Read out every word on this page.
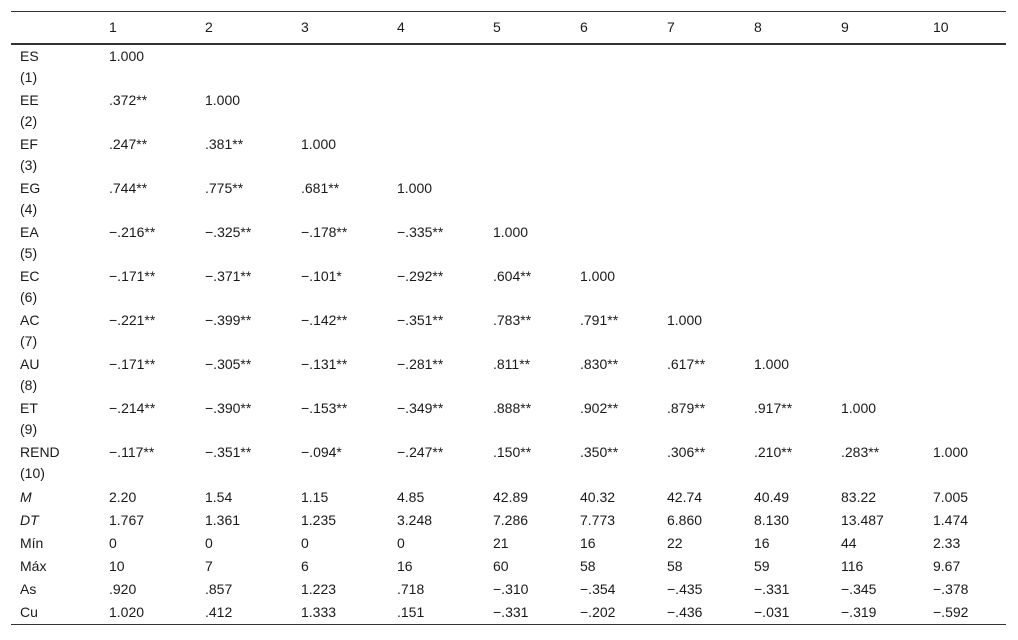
	1	2	3	4	5	6	7	8	9	10
ES
(1)	1.000									
EE
(2)	.372**	1.000								
EF
(3)	.247**	.381**	1.000							
EG
(4)	.744**	.775**	.681**	1.000						
EA
(5)	−.216**	−.325**	−.178**	−.335**	1.000					
EC
(6)	−.171**	−.371**	−.101*	−.292**	.604**	1.000				
AC
(7)	−.221**	−.399**	−.142**	−.351**	.783**	.791**	1.000			
AU
(8)	−.171**	−.305**	−.131**	−.281**	.811**	.830**	.617**	1.000		
ET
(9)	−.214**	−.390**	−.153**	−.349**	.888**	.902**	.879**	.917**	1.000	
REND
(10)	−.117**	−.351**	−.094*	−.247**	.150**	.350**	.306**	.210**	.283**	1.000
M	2.20	1.54	1.15	4.85	42.89	40.32	42.74	40.49	83.22	7.005
DT	1.767	1.361	1.235	3.248	7.286	7.773	6.860	8.130	13.487	1.474
Mín	0	0	0	0	21	16	22	16	44	2.33
Máx	10	7	6	16	60	58	58	59	116	9.67
As	.920	.857	1.223	.718	−.310	−.354	−.435	−.331	−.345	−.378
Cu	1.020	.412	1.333	.151	−.331	−.202	−.436	−.031	−.319	−.592
